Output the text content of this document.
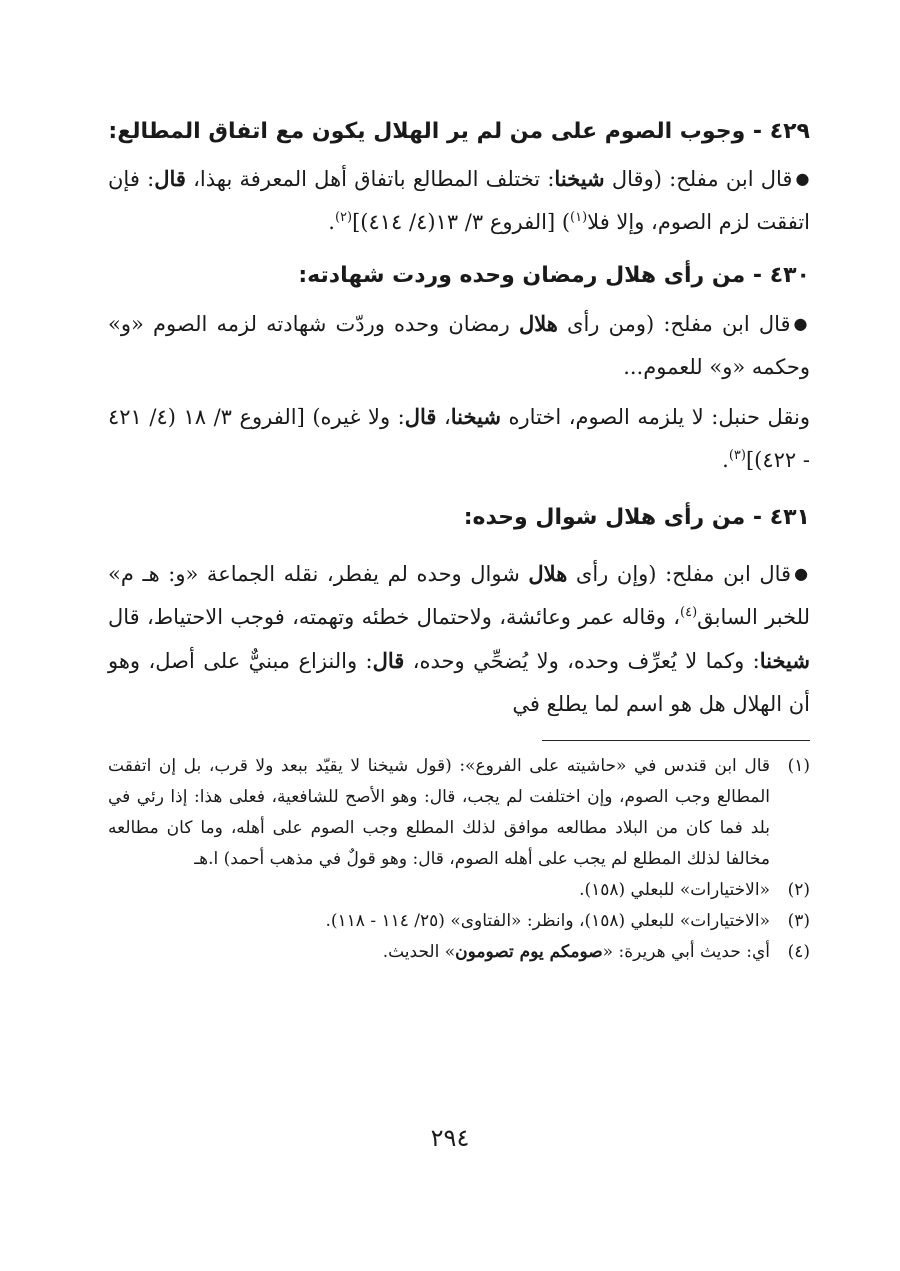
٤٢٩ - وجوب الصوم على من لم ير الهلال يكون مع اتفاق المطالع:

●قال ابن مفلح: (وقال شيخنا: تختلف المطالع باتفاق أهل المعرفة بهذا، قال: فإن اتفقت لزم الصوم، وإلا فلا$^{(١)}$) [الفروع ٣/ ١٣(٤/ ٤١٤)]$^{(٢)}$.

٤٣٠ - من رأى هلال رمضان وحده وردت شهادته:

●قال ابن مفلح: (ومن رأى هلال رمضان وحده وردّت شهادته لزمه الصوم «و» وحكمه «و» للعموم...

ونقل حنبل: لا يلزمه الصوم، اختاره شيخنا، قال: ولا غيره) [الفروع ٣/ ١٨ (٤/ ٤٢١ - ٤٢٢)]$^{(٣)}$.

٤٣١ - من رأى هلال شوال وحده:

●قال ابن مفلح: (وإن رأى هلال شوال وحده لم يفطر، نقله الجماعة «و: هـ م» للخبر السابق$^{(٤)}$، وقاله عمر وعائشة، ولاحتمال خطئه وتهمته، فوجب الاحتياط، قال شيخنا: وكما لا يُعرِّف وحده، ولا يُضحِّي وحده، قال: والنزاع مبنيٌّ على أصل، وهو أن الهلال هل هو اسم لما يطلع في

(١)
قال ابن قندس في «حاشيته على الفروع»: (قول شيخنا لا يقيّد ببعد ولا قرب، بل إن اتفقت المطالع وجب الصوم، وإن اختلفت لم يجب، قال: وهو الأصح للشافعية، فعلى هذا: إذا رئي في بلد فما كان من البلاد مطالعه موافق لذلك المطلع وجب الصوم على أهله، وما كان مطالعه مخالفا لذلك المطلع لم يجب على أهله الصوم، قال: وهو قولٌ في مذهب أحمد) ا.هـ
(٢)
«الاختيارات» للبعلي (١٥٨).
(٣)
«الاختيارات» للبعلي (١٥٨)، وانظر: «الفتاوى» (٢٥/ ١١٤ - ١١٨).
(٤)
أي: حديث أبي هريرة: «صومكم يوم تصومون» الحديث.
٢٩٤
